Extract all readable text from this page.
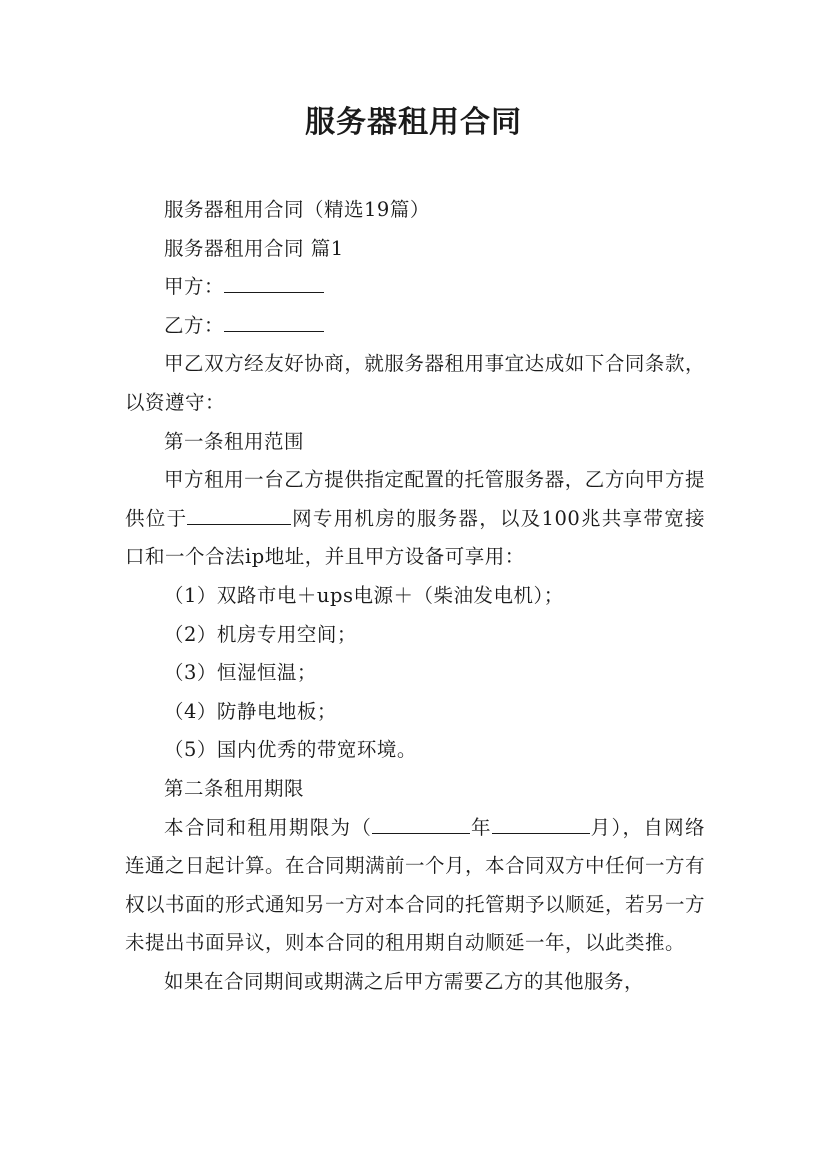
服务器租用合同

服务器租用合同（精选19篇）

服务器租用合同 篇1

甲方：

乙方：

甲乙双方经友好协商，就服务器租用事宜达成如下合同条款，以资遵守：

第一条租用范围

甲方租用一台乙方提供指定配置的托管服务器，乙方向甲方提供位于	网专用机房的服务器，以及100兆共享带宽接口和一个合法ip地址，并且甲方设备可享用：

（1）双路市电＋ups电源＋（柴油发电机）；

（2）机房专用空间；

（3）恒湿恒温；

（4）防静电地板；

（5）国内优秀的带宽环境。

第二条租用期限

本合同和租用期限为（	年	月），自网络连通之日起计算。在合同期满前一个月，本合同双方中任何一方有权以书面的形式通知另一方对本合同的托管期予以顺延，若另一方未提出书面异议，则本合同的租用期自动顺延一年，以此类推。

如果在合同期间或期满之后甲方需要乙方的其他服务，
